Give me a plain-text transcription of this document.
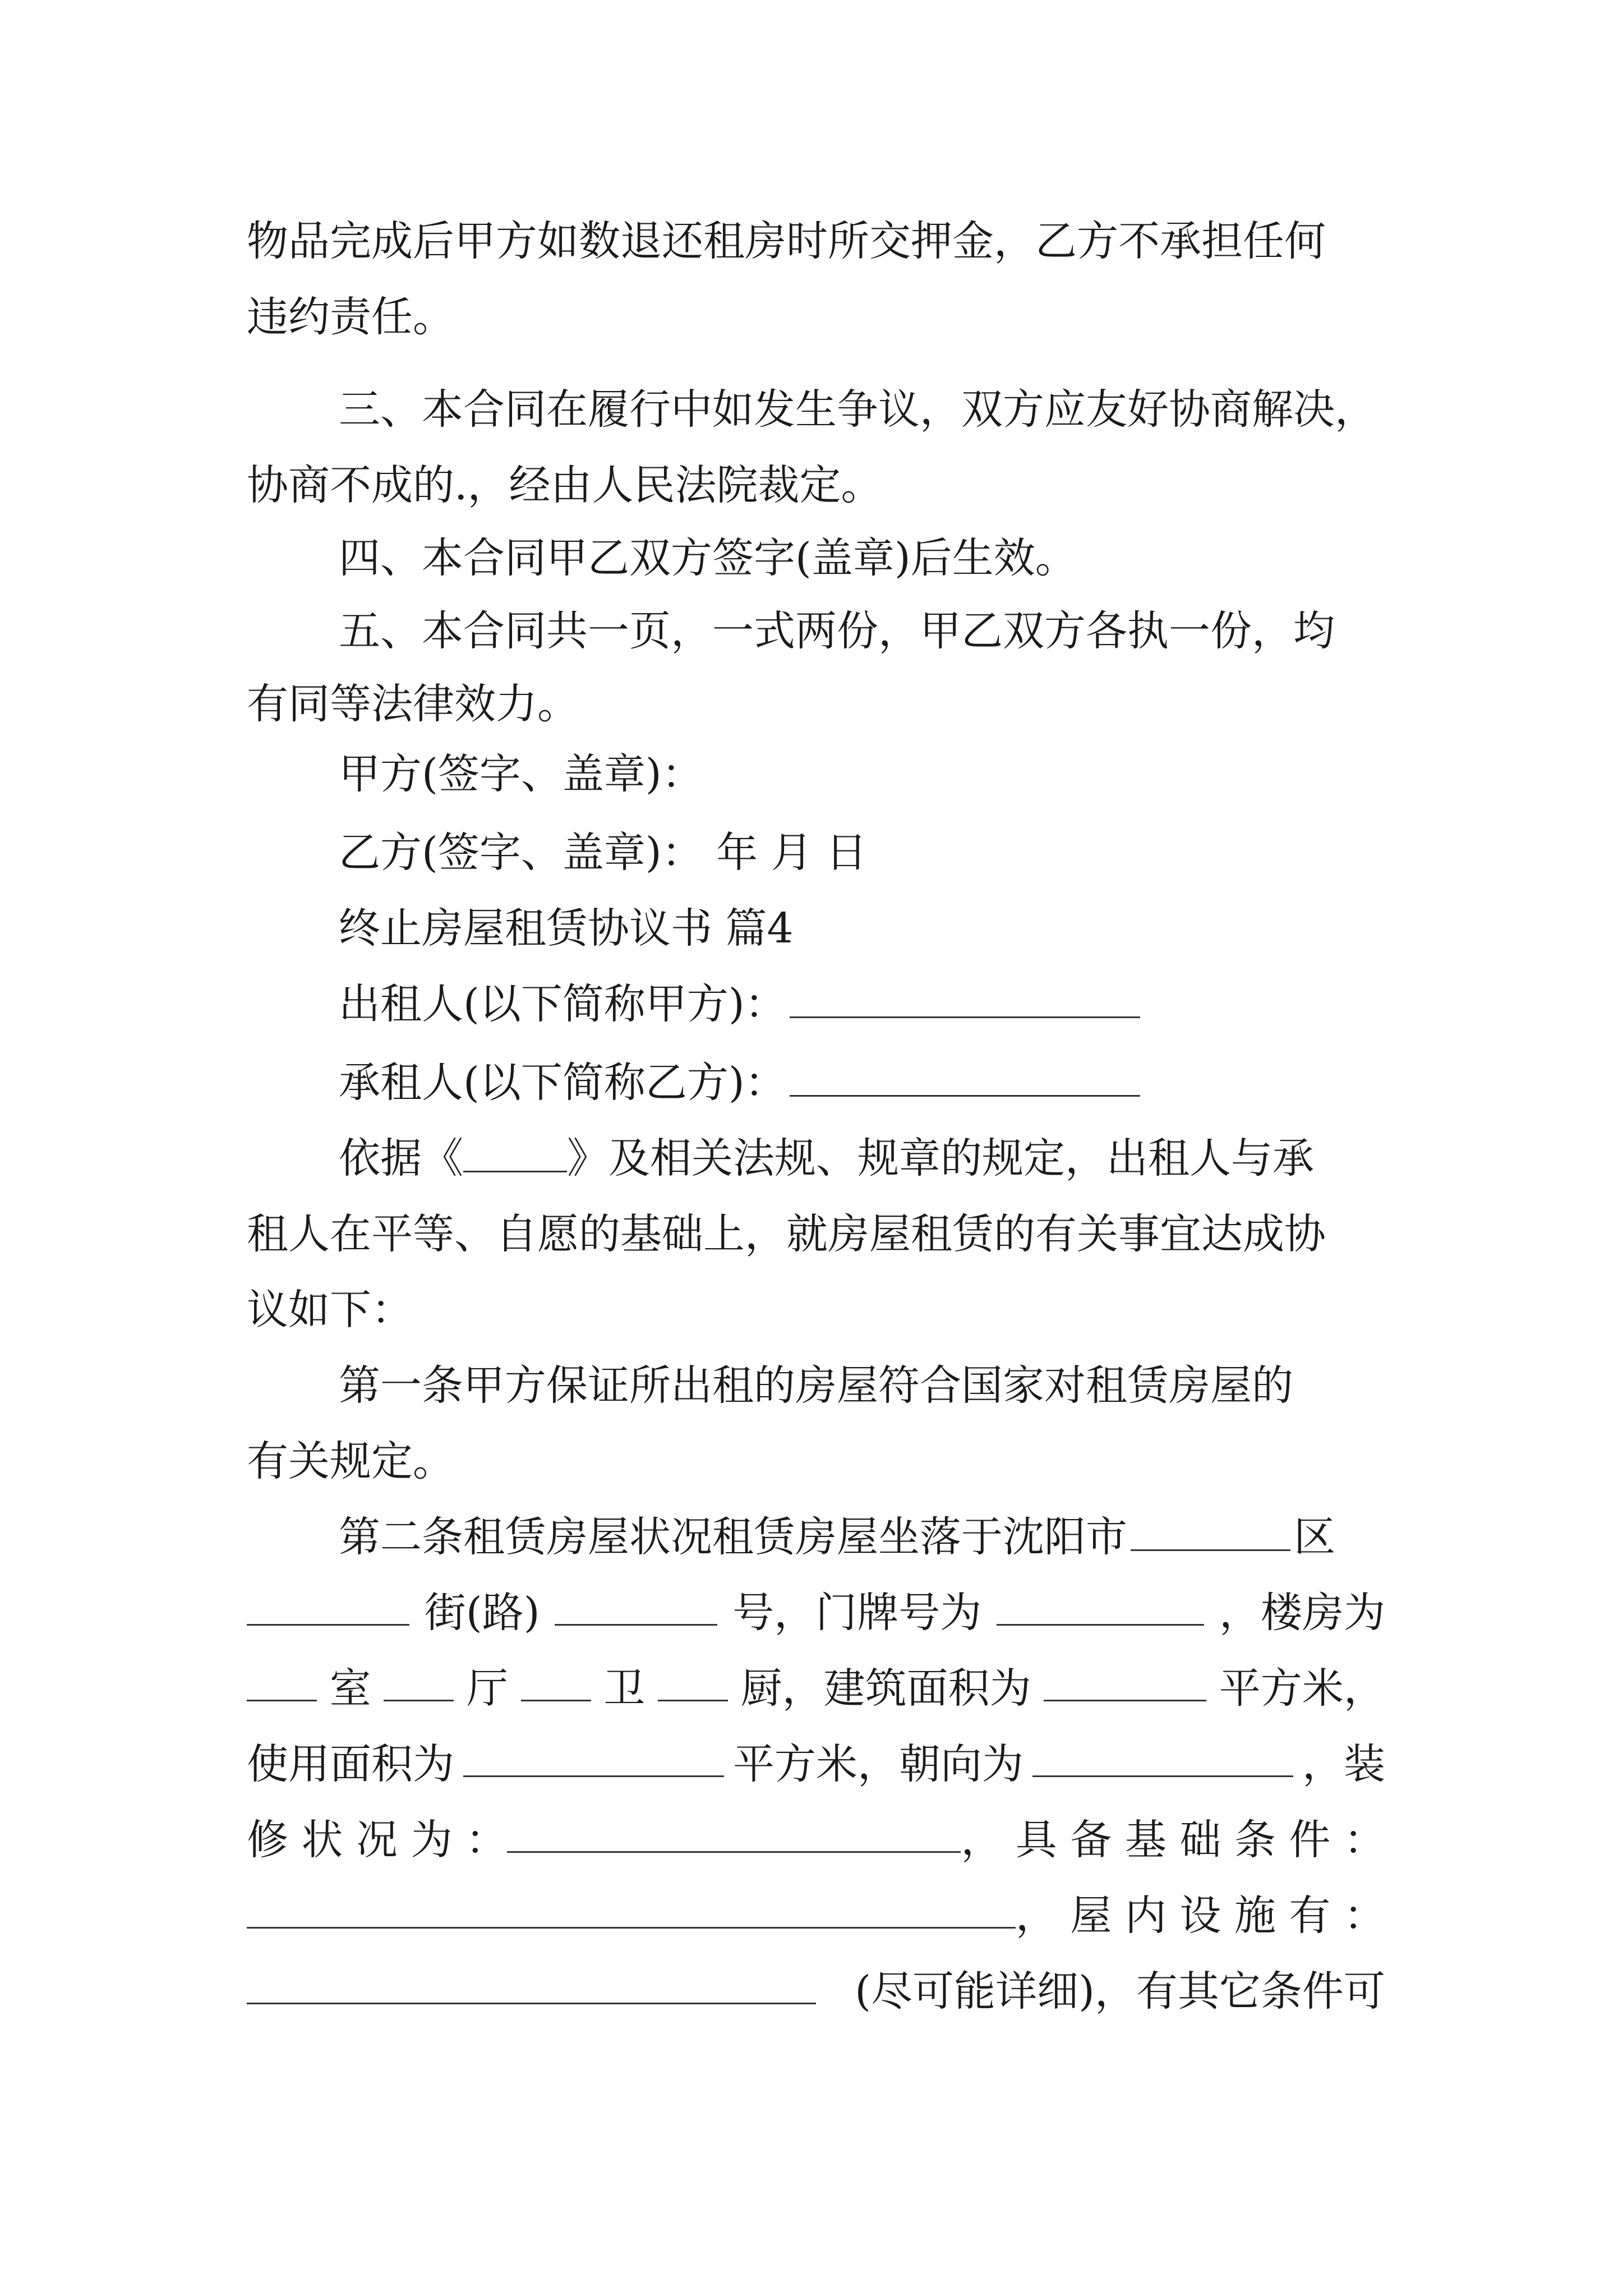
物品完成后甲方如数退还租房时所交押金，乙方不承担任何
违约责任。
三、本合同在履行中如发生争议，双方应友好协商解决，
协商不成的.，经由人民法院裁定。
四、本合同甲乙双方签字(盖章)后生效。
五、本合同共一页，一式两份，甲乙双方各执一份，均
有同等法律效力。
甲方(签字、盖章)：
乙方(签字、盖章)： 年 月 日
终止房屋租赁协议书 篇4
出租人(以下简称甲方)：
承租人(以下简称乙方)：
依据《	》及相关法规、规章的规定，出租人与承
租人在平等、自愿的基础上，就房屋租赁的有关事宜达成协
议如下：
第一条甲方保证所出租的房屋符合国家对租赁房屋的
有关规定。
第二条租赁房屋状况租赁房屋坐落于沈阳市	区
街(路)	号，门牌号为	，楼房为
室 厅 卫 厨，建筑面积为	平方米，
使用面积为	平方米，朝向为	，装
修 状 况 为 ：	， 具 备 基 础 条 件 ：
， 屋 内 设 施 有 ：
(尽可能详细)，有其它条件可
